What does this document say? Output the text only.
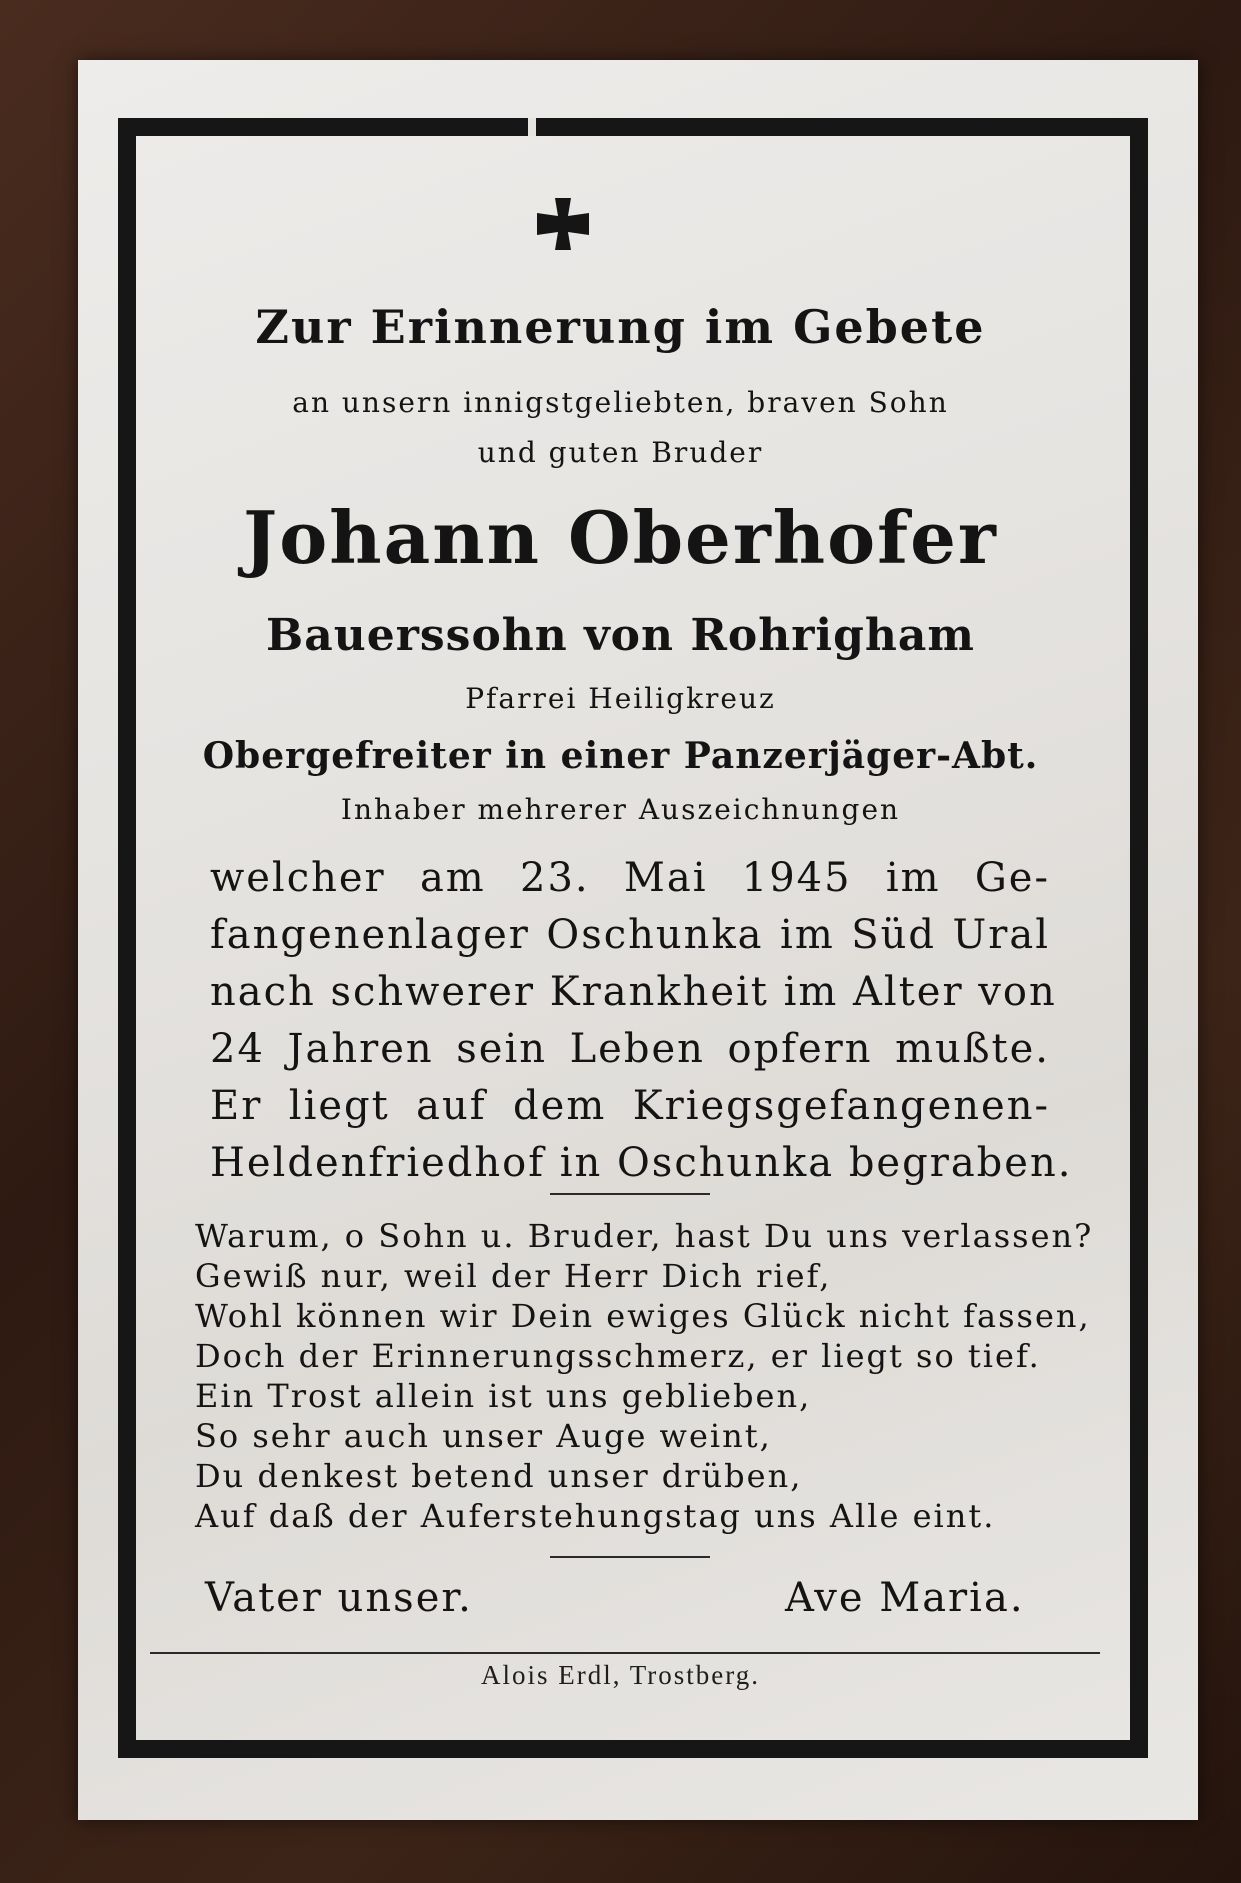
Zur Erinnerung im Gebete
an unsern innigstgeliebten, braven Sohn
und guten Bruder
Johann Oberhofer
Bauerssohn von Rohrigham
Pfarrei Heiligkreuz
Obergefreiter in einer Panzerjäger-Abt.
Inhaber mehrerer Auszeichnungen
welcher am 23. Mai 1945 im Ge-
fangenenlager Oschunka im Süd Ural
nach schwerer Krankheit im Alter von
24 Jahren sein Leben opfern mußte.
Er liegt auf dem Kriegsgefangenen-
Heldenfriedhof in Oschunka begraben.
Warum, o Sohn u. Bruder, hast Du uns verlassen?
Gewiß nur, weil der Herr Dich rief,
Wohl können wir Dein ewiges Glück nicht fassen,
Doch der Erinnerungsschmerz, er liegt so tief.
Ein Trost allein ist uns geblieben,
So sehr auch unser Auge weint,
Du denkest betend unser drüben,
Auf daß der Auferstehungstag uns Alle eint.
Vater unser.	Ave Maria.
Alois Erdl, Trostberg.
